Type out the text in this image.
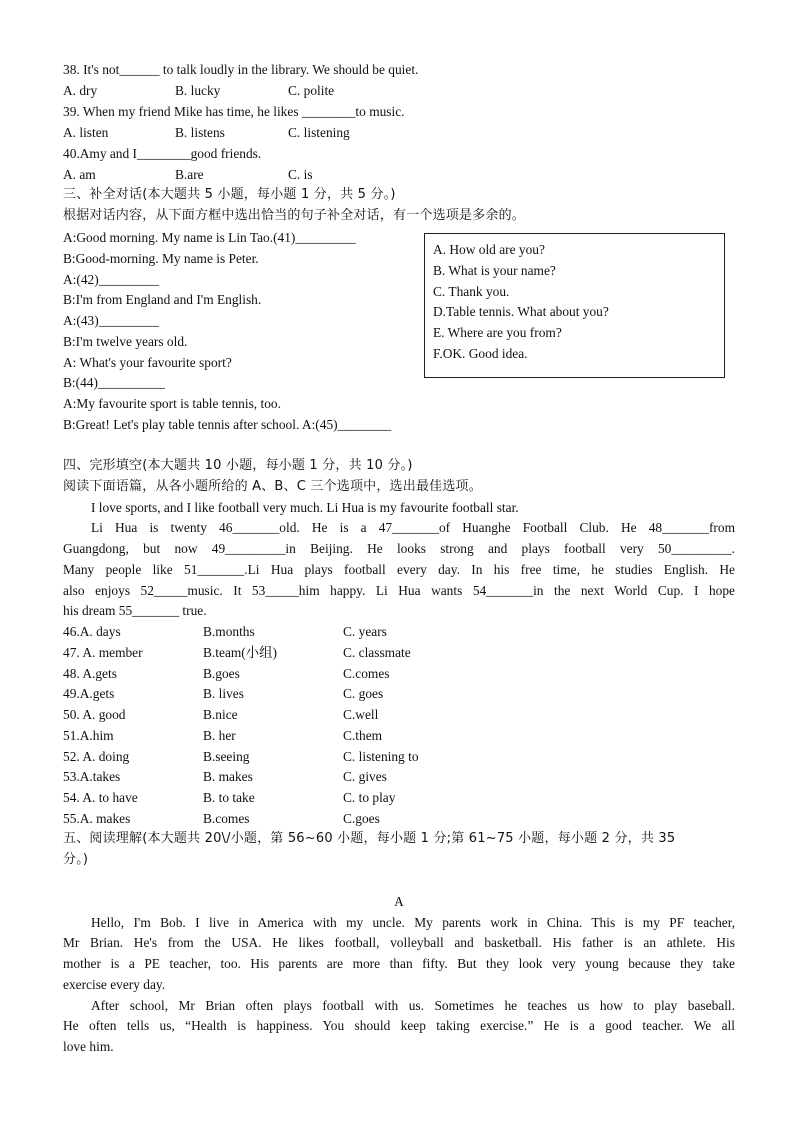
38. It's not______ to talk loudly in the library. We should be quiet.
A. dry	B. lucky	C. polite
39. When my friend Mike has time, he likes ________to music.
A. listen	B. listens	C. listening
40.Amy and I________good friends.
A. am	B.are	C. is
三、补全对话(本大题共 5 小题，每小题 1 分，共 5 分。)
根据对话内容，从下面方框中选出恰当的句子补全对话，有一个选项是多余的。
A:Good morning. My name is Lin Tao.(41)_________
B:Good-morning. My name is Peter.
A:(42)_________
B:I'm from England and I'm English.
A:(43)_________
B:I'm twelve years old.
A: What's your favourite sport?
B:(44)__________
A:My favourite sport is table tennis, too.
B:Great! Let's play table tennis after school. A:(45)________
A. How old are you?
B. What is your name?
C. Thank you.
D.Table tennis. What about you?
E. Where are you from?
F.OK. Good idea.
四、完形填空(本大题共 10 小题，每小题 1 分，共 10 分。)
阅读下面语篇，从各小题所给的 A、B、C 三个选项中，选出最佳选项。
I love sports, and I like football very much. Li Hua is my favourite football star.
Li Hua is twenty 46_______old. He is a 47_______of Huanghe Football Club. He 48_______from
Guangdong, but now 49_________in Beijing. He looks strong and plays football very 50_________.
Many people like 51_______.Li Hua plays football every day. In his free time, he studies English. He
also enjoys 52_____music. It 53_____him happy. Li Hua wants 54_______in the next World Cup. I hope
his dream 55_______ true.
46.A. days	B.months	C. years
47. A. member	B.team(小组)	C. classmate
48. A.gets	B.goes	C.comes
49.A.gets	B. lives	C. goes
50. A. good	B.nice	C.well
51.A.him	B. her	C.them
52. A. doing	B.seeing	C. listening to
53.A.takes	B. makes	C. gives
54. A. to have	B. to take	C. to play
55.A. makes	B.comes	C.goes
五、阅读理解(本大题共 20\/小题，第 56~60 小题，每小题 1 分;第 61~75 小题，每小题 2 分，共 35
分。)
A
Hello, I'm Bob. I live in America with my uncle. My parents work in China. This is my PF teacher,
Mr Brian. He's from the USA. He likes football, volleyball and basketball. His father is an athlete. His
mother is a PE teacher, too. His parents are more than fifty. But they look very young because they take
exercise every day.
After school, Mr Brian often plays football with us. Sometimes he teaches us how to play baseball.
He often tells us, “Health is happiness. You should keep taking exercise.” He is a good teacher. We all
love him.
